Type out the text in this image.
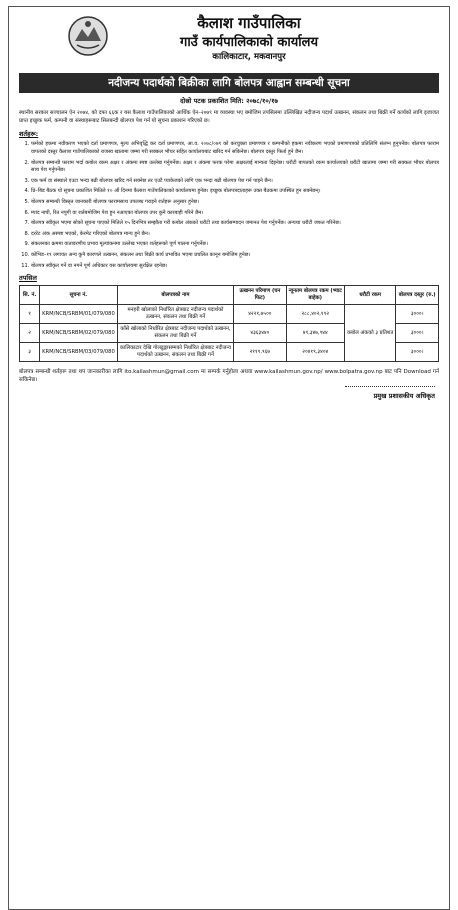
कैलाश गाउँपालिका
गाउँ कार्यपालिकाको कार्यालय
कालिकाटार, मकवानपुर
नदीजन्य पदार्थको बिक्रीका लागि बोलपत्र आह्वान सम्बन्धी सूचना
दोस्रो पटक प्रकाशित मिति: २०७८/१०/१७
स्थानीय सरकार सञ्चालन ऐन २०७४, को दफा ६६क र यस कैलाश गाउँपालिकाको आर्थिक ऐन–२०७९ मा व्यवस्था भए बमोजिम तपसिलमा उल्लिखित नदीजन्य पदार्थ उत्खनन, संकलन तथा बिक्री गर्ने कार्यको लागि इजाजत प्राप्त इच्छुक फर्म, कम्पनी वा संस्थाहरूबाट सिलबन्दी बोलपत्र पेश गर्न यो सूचना प्रकाशन गरिएको छ।
शर्तहरू:
1. फर्मको हकमा नवीकरण भएको दर्ता प्रमाणपत्र, मूल्य अभिवृद्धि कर दर्ता प्रमाणपत्र, आ.व. २०७८/०७९ को करचुक्ता प्रमाणपत्र र कम्पनीको हकमा नवीकरण भएको प्रमाणपत्रको प्रतिलिपि संलग्न हुनुपर्नेछ। बोलपत्र फाराम वापतको दस्तुर कैलाश गाउँपालिकाको राजस्व खातामा जम्मा गरी सक्कल भौचर सहित कार्यालयबाट खरिद गर्न सकिनेछ। बोलपत्र दस्तुर फिर्ता हुने छैन।
2. बोलपत्र सम्बन्धी फाराम भर्दा कबोल रकम अक्षर र अंकमा स्पष्ट उल्लेख गर्नुपर्नेछ। अक्षर र अंकमा फरक परेमा अक्षरलाई मान्यता दिइनेछ। धरौटी बापतको रकम कार्यालयको धरौटी खातामा जम्मा गरी सक्कल भौचर बोलपत्र साथ पेश गर्नुपर्नेछ।
3. एक फर्म वा संस्थाले एउटा भन्दा बढी बोलपत्र खरिद गर्न सक्नेछ तर एउटै प्याकेजको लागि एक भन्दा बढी बोलपत्र पेश गर्न पाइने छैन।
4. प्रि–बिड बैठक यो सूचना प्रकाशित मितिले १० औं दिनमा कैलाश गाउँपालिकाको कार्यालयमा हुनेछ। इच्छुक बोलपत्रदाताहरू उक्त बैठकमा उपस्थित हुन सक्नेछन्।
5. बोलपत्र सम्बन्धी विस्तृत जानकारी बोलपत्र फारामसाथ उपलब्ध गराइने शर्तहरू अनुसार हुनेछ।
6. म्याद नाघी, रित नपुगी वा शर्तबमोजिम पेश हुन नआएका बोलपत्र उपर कुनै कारबाही गरिने छैन।
7. बोलपत्र स्वीकृत भएमा सोको सूचना पाएको मितिले १५ दिनभित्र सम्झौता गरी कबोल अंकको धरौटी तथा कार्यसम्पादन जमानत पेश गर्नुपर्नेछ। अन्यथा धरौटी जफत गरिनेछ।
8. दररेट अंक अस्पष्ट भएको, केरमेट गरिएको बोलपत्र मान्य हुने छैन।
9. संकलनका क्रममा वातावरणीय प्रभाव मूल्यांकनमा उल्लेख भएका शर्तहरूको पूर्ण पालना गर्नुपर्नेछ।
10. कोभिड–१९ लगायत अन्य कुनै कारणले उत्खनन, संकलन तथा बिक्री कार्य प्रभावित भएमा प्रचलित कानून बमोजिम हुनेछ।
11. बोलपत्र स्वीकृत गर्ने वा नगर्ने पूर्ण अधिकार यस कार्यालयमा सुरक्षित रहनेछ।
तपसिल
सि. नं.	सूचना नं.	बोलपत्रको नाम	उत्खनन परिमाण (घन फिट)	न्यूनतम बोलपत्र रकम (भ्याट बाहेक)	धरौटी रकम	बोलपत्र दस्तुर (रु.)
१	KRM/NCB/SRBM/01/079/080	मनहरी खोलाको निर्धारित क्षेत्रबाट नदीजन्य पदार्थको उत्खनन, संकलन तथा बिक्री गर्ने	४२२१,७५००	२८८,४०२,१९२	कबोल अंकको ३ प्रतिशत	३०००।
२	KRM/NCB/SRBM/02/079/080	काँसे खोलाको निर्धारित क्षेत्रबाट नदीजन्य पदार्थको उत्खनन, संकलन तथा बिक्री गर्ने	४३६३४४०	४९,३४७,९४४		३०००।
३	KRM/NCB/SRBM/03/079/080	कालिकाटार देखि गोलढुङ्गासम्मको निर्धारित क्षेत्रबाट नदीजन्य पदार्थको उत्खनन, संकलन तथा बिक्री गर्ने	२११९,९६७	२०४१९,३४०४		३०००।
बोलपत्र सम्बन्धी शर्तहरू तथा थप जानकारीका लागि ito.kailashmun@gmail.com मा सम्पर्क गर्नुहोला अथवा www.kailashmun.gov.np/ www.bolpatra.gov.np बाट पनि Download गर्न सकिनेछ।
प्रमुख प्रशासकीय अधिकृत
